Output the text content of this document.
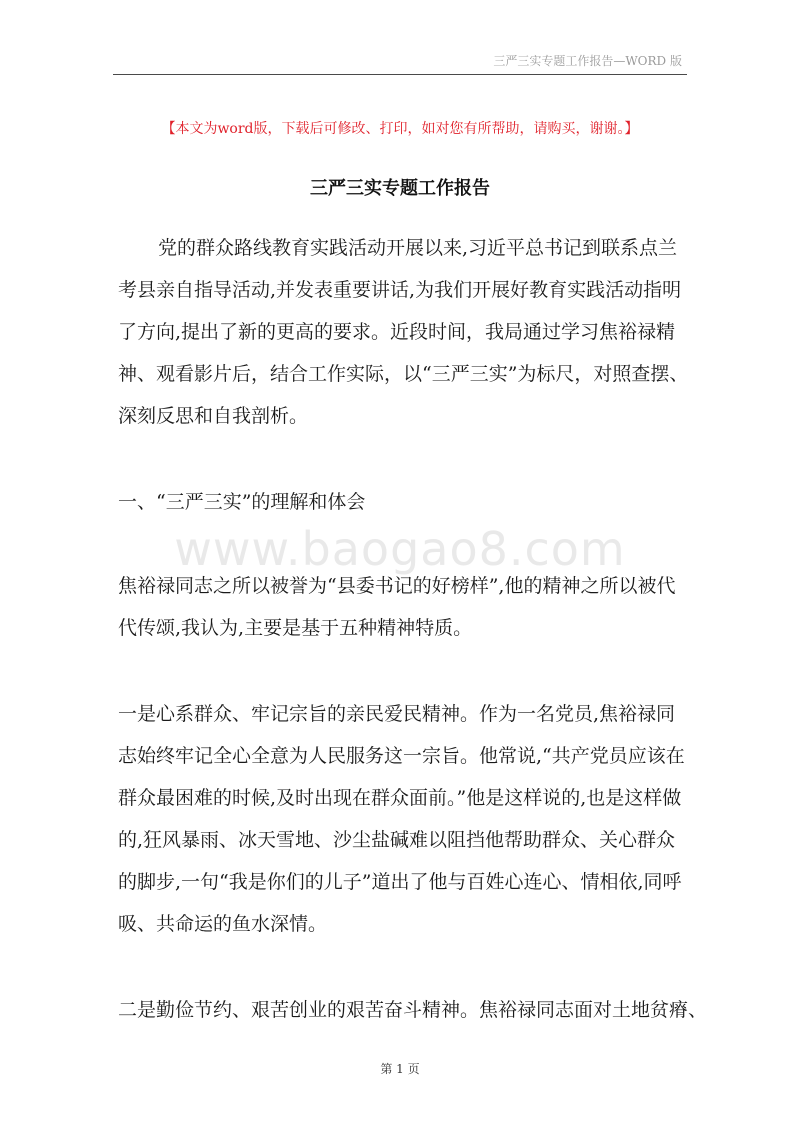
三严三实专题工作报告—WORD 版
【本文为word版，下载后可修改、打印，如对您有所帮助，请购买，谢谢。】
三严三实专题工作报告
www.baogao8.com
党的群众路线教育实践活动开展以来,习近平总书记到联系点兰
考县亲自指导活动,并发表重要讲话,为我们开展好教育实践活动指明
了方向,提出了新的更高的要求。近段时间，我局通过学习焦裕禄精
神、观看影片后，结合工作实际，以“三严三实”为标尺，对照查摆、
深刻反思和自我剖析。
一、“三严三实”的理解和体会
焦裕禄同志之所以被誉为“县委书记的好榜样”,他的精神之所以被代
代传颂,我认为,主要是基于五种精神特质。
一是心系群众、牢记宗旨的亲民爱民精神。作为一名党员,焦裕禄同
志始终牢记全心全意为人民服务这一宗旨。他常说,“共产党员应该在
群众最困难的时候,及时出现在群众面前。”他是这样说的,也是这样做
的,狂风暴雨、冰天雪地、沙尘盐碱难以阻挡他帮助群众、关心群众
的脚步,一句“我是你们的儿子”道出了他与百姓心连心、情相依,同呼
吸、共命运的鱼水深情。
二是勤俭节约、艰苦创业的艰苦奋斗精神。焦裕禄同志面对土地贫瘠、
第 1 页
